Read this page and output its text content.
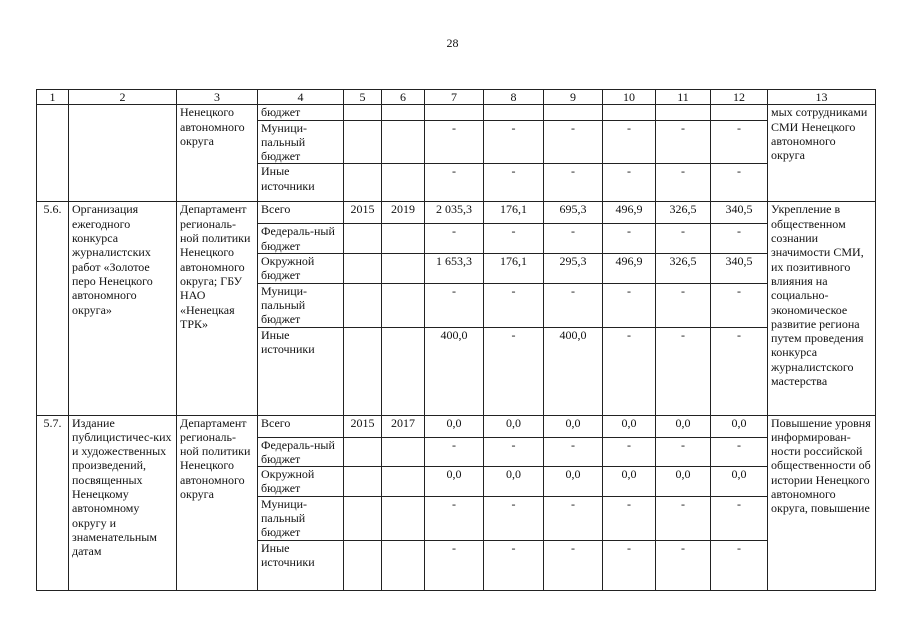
28
1	2	3	4	5	6	7	8	9	10	11	12	13
		Ненецкого автономного округа	бюджет									мых сотрудниками СМИ Ненецкого автономного округа
			Муници-пальный бюджет			-	-	-	-	-	-	
			Иные источники			-	-	-	-	-	-	
5.6.	Организация ежегодного конкурса журналистских работ «Золотое перо Ненецкого автономного округа»	Департамент региональ-ной политики Ненецкого автономного округа; ГБУ НАО «Ненецкая ТРК»	Всего	2015	2019	2 035,3	176,1	695,3	496,9	326,5	340,5	Укрепление в общественном сознании значимости СМИ, их позитивного влияния на социально-экономическое развитие региона путем проведения конкурса журналистского мастерства
			Федераль-ный бюджет			-	-	-	-	-	-	
			Окружной бюджет			1 653,3	176,1	295,3	496,9	326,5	340,5	
			Муници-пальный бюджет			-	-	-	-	-	-	
			Иные источники			400,0	-	400,0	-	-	-	
5.7.	Издание публицистичес-ких и художественных произведений, посвященных Ненецкому автономному округу и знаменательным датам	Департамент региональ-ной политики Ненецкого автономного округа	Всего	2015	2017	0,0	0,0	0,0	0,0	0,0	0,0	Повышение уровня информирован-ности российской общественности об истории Ненецкого автономного округа, повышение
			Федераль-ный бюджет			-	-	-	-	-	-	
			Окружной бюджет			0,0	0,0	0,0	0,0	0,0	0,0	
			Муници-пальный бюджет			-	-	-	-	-	-	
			Иные источники			-	-	-	-	-	-	
